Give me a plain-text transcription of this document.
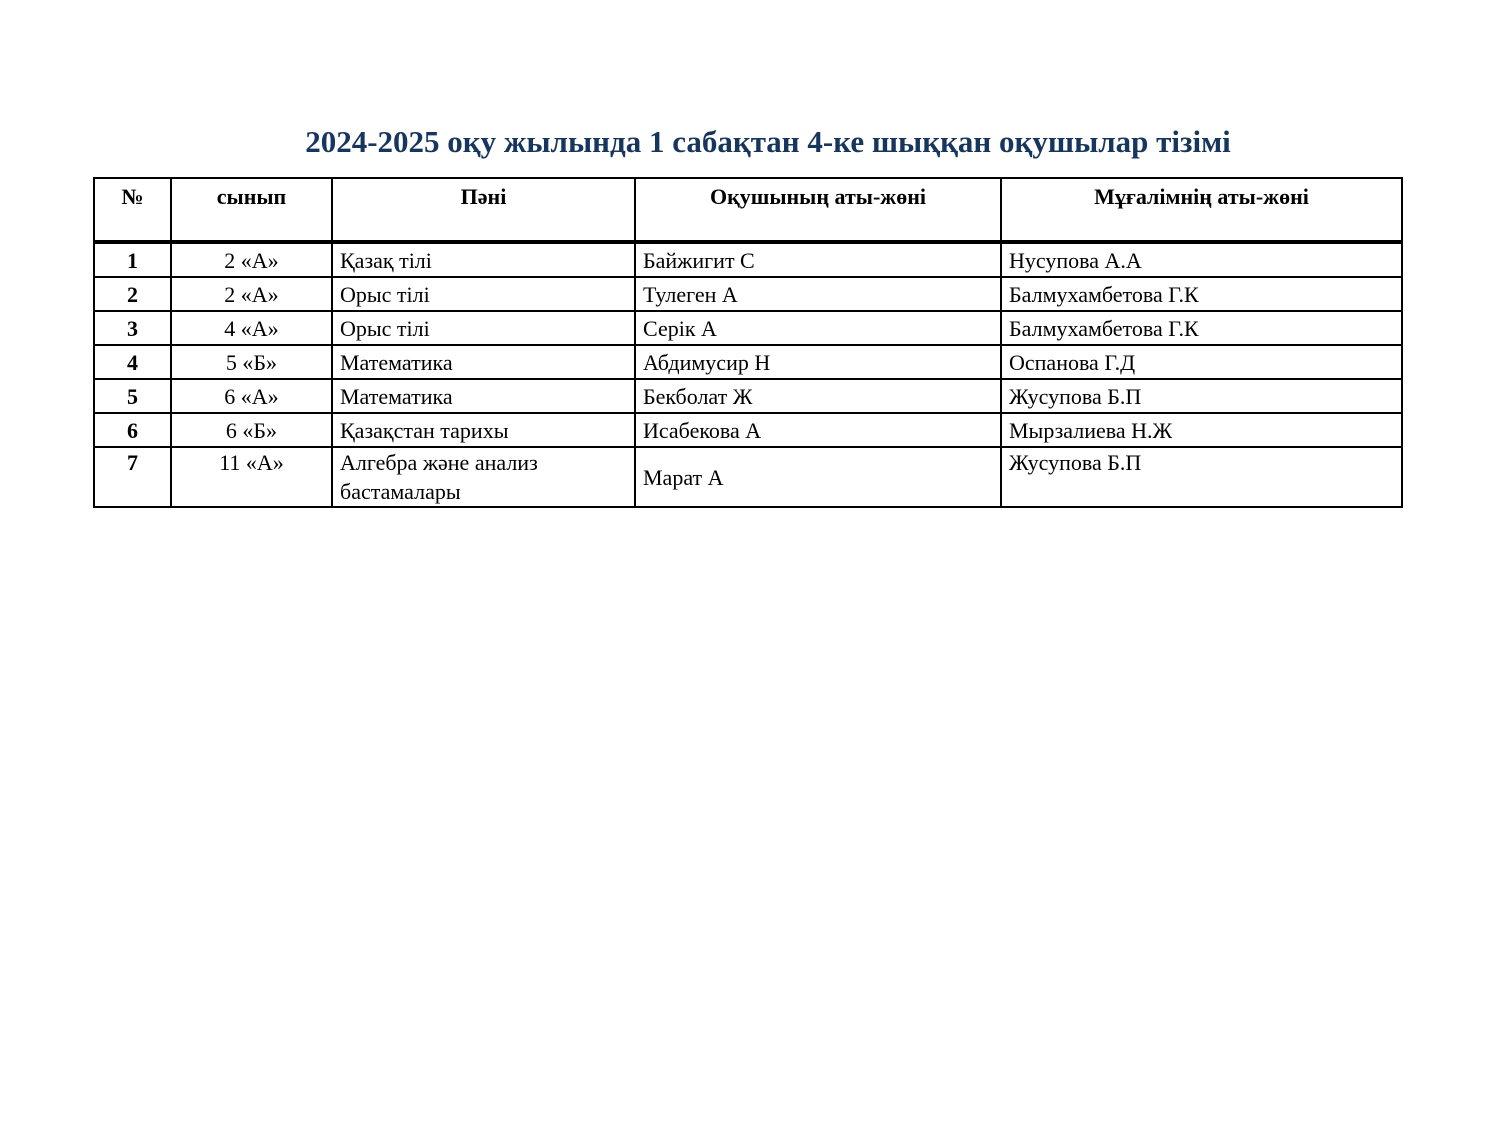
2024-2025 оқу жылында 1 сабақтан 4-ке шыққан оқушылар тізімі
№	сынып	Пәні	Оқушының аты-жөні	Мұғалімнің аты-жөні
1	2 «А»	Қазақ тілі	Байжигит С	Нусупова А.А
2	2 «А»	Орыс тілі	Тулеген А	Балмухамбетова Г.К
3	4 «А»	Орыс тілі	Серік А	Балмухамбетова Г.К
4	5 «Б»	Математика	Абдимусир Н	Оспанова Г.Д
5	6 «А»	Математика	Бекболат Ж	Жусупова Б.П
6	6 «Б»	Қазақстан тарихы	Исабекова А	Мырзалиева Н.Ж
7	11 «А»	Алгебра және анализ бастамалары	Марат А	Жусупова Б.П
